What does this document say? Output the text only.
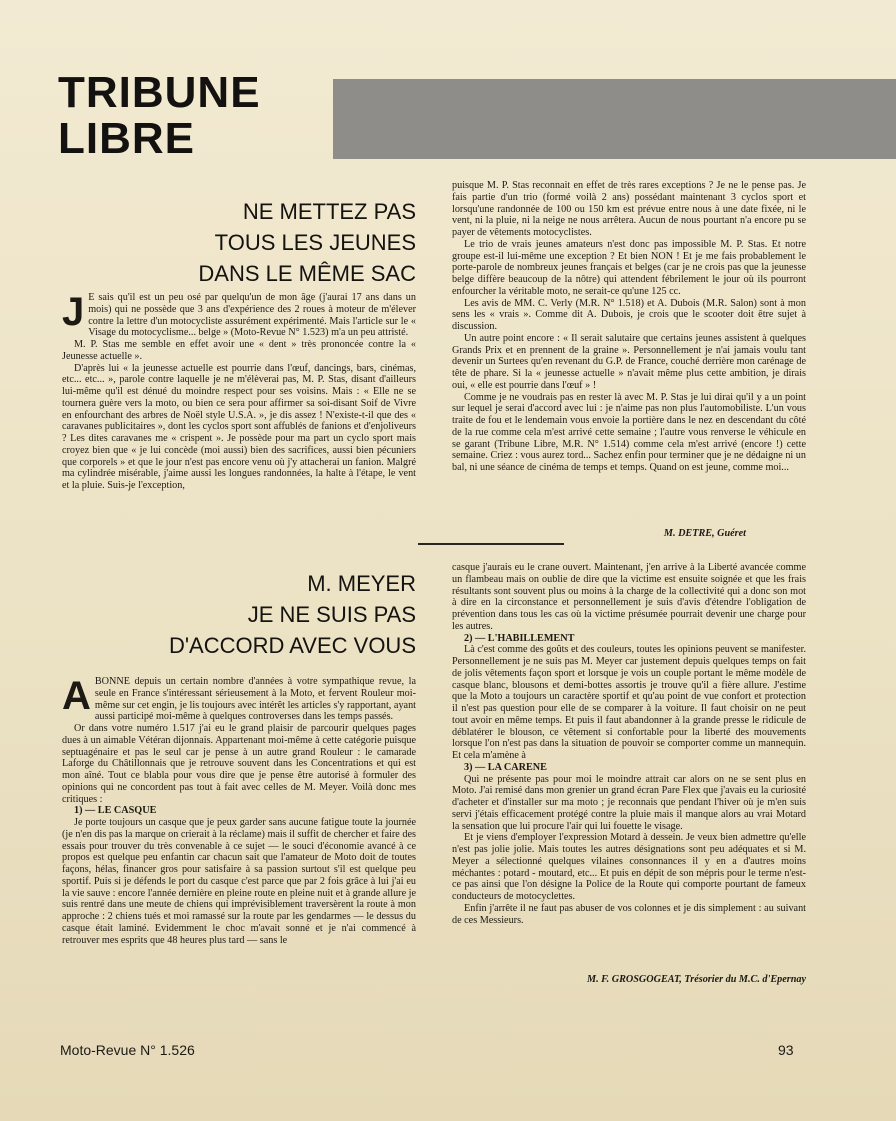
TRIBUNE
LIBRE
NE METTEZ PAS
TOUS LES JEUNES
DANS LE MÊME SAC

J E sais qu'il est un peu osé par quelqu'un de mon âge (j'aurai 17 ans dans un mois) qui ne possède que 3 ans d'expérience des 2 roues à moteur de m'élever contre la lettre d'un motocycliste assurément expérimenté. Mais l'article sur le « Visage du motocyclisme... belge » (Moto-Revue N° 1.523) m'a un peu attristé.

M. P. Stas me semble en effet avoir une « dent » très prononcée contre la « Jeunesse actuelle ».

D'après lui « la jeunesse actuelle est pourrie dans l'œuf, dancings, bars, cinémas, etc... etc... », parole contre laquelle je ne m'élèverai pas, M. P. Stas, disant d'ailleurs lui-même qu'il est dénué du moindre respect pour ses voisins. Mais : « Elle ne se tournera guère vers la moto, ou bien ce sera pour affirmer sa soi-disant Soif de Vivre en enfourchant des arbres de Noël style U.S.A. », je dis assez ! N'existe-t-il que des « caravanes publicitaires », dont les cyclos sport sont affublés de fanions et d'enjoliveurs ? Les dites caravanes me « crispent ». Je possède pour ma part un cyclo sport mais croyez bien que « je lui concède (moi aussi) bien des sacrifices, aussi bien pécuniers que corporels » et que le jour n'est pas encore venu où j'y attacherai un fanion. Malgré ma cylindrée misérable, j'aime aussi les longues randonnées, la halte à l'étape, le vent et la pluie. Suis-je l'exception,

puisque M. P. Stas reconnait en effet de très rares exceptions ? Je ne le pense pas. Je fais partie d'un trio (formé voilà 2 ans) possédant maintenant 3 cyclos sport et lorsqu'une randonnée de 100 ou 150 km est prévue entre nous à une date fixée, ni le vent, ni la pluie, ni la neige ne nous arrêtera. Aucun de nous pourtant n'a encore pu se payer de vêtements motocyclistes.

Le trio de vrais jeunes amateurs n'est donc pas impossible M. P. Stas. Et notre groupe est-il lui-même une exception ? Et bien NON ! Et je me fais probablement le porte-parole de nombreux jeunes français et belges (car je ne crois pas que la jeunesse belge diffère beaucoup de la nôtre) qui attendent fébrilement le jour où ils pourront enfourcher la véritable moto, ne serait-ce qu'une 125 cc.

Les avis de MM. C. Verly (M.R. N° 1.518) et A. Dubois (M.R. Salon) sont à mon sens les « vrais ». Comme dit A. Dubois, je crois que le scooter doit être sujet à discussion.

Un autre point encore : « Il serait salutaire que certains jeunes assistent à quelques Grands Prix et en prennent de la graine ». Personnellement je n'ai jamais voulu tant devenir un Surtees qu'en revenant du G.P. de France, couché derrière mon carénage de tête de phare. Si la « jeunesse actuelle » n'avait même plus cette ambition, je dirais oui, « elle est pourrie dans l'œuf » !

Comme je ne voudrais pas en rester là avec M. P. Stas je lui dirai qu'il y a un point sur lequel je serai d'accord avec lui : je n'aime pas non plus l'automobiliste. L'un vous traite de fou et le lendemain vous envoie la portière dans le nez en descendant du côté de la rue comme cela m'est arrivé cette semaine ; l'autre vous renverse le véhicule en se garant (Tribune Libre, M.R. N° 1.514) comme cela m'est arrivé (encore !) cette semaine. Criez : vous aurez tord... Sachez enfin pour terminer que je ne dédaigne ni un bal, ni une séance de cinéma de temps et temps. Quand on est jeune, comme moi...

M. DETRE, Guéret
M. MEYER
JE NE SUIS PAS
D'ACCORD AVEC VOUS

ABONNE depuis un certain nombre d'années à votre sympathique revue, la seule en France s'intéressant sérieusement à la Moto, et fervent Rouleur moi-même sur cet engin, je lis toujours avec intérêt les articles s'y rapportant, ayant aussi participé moi-même à quelques controverses dans les temps passés.

Or dans votre numéro 1.517 j'ai eu le grand plaisir de parcourir quelques pages dues à un aimable Vétéran dijonnais. Appartenant moi-même à cette catégorie puisque septuagénaire et pas le seul car je pense à un autre grand Rouleur : le camarade Laforge du Châtillonnais que je retrouve souvent dans les Concentrations et qui est mon aîné. Tout ce blabla pour vous dire que je pense être autorisé à formuler des opinions qui ne concordent pas tout à fait avec celles de M. Meyer. Voilà donc mes critiques :

1) — LE CASQUE

Je porte toujours un casque que je peux garder sans aucune fatigue toute la journée (je n'en dis pas la marque on crierait à la réclame) mais il suffit de chercher et faire des essais pour trouver du très convenable à ce sujet — le souci d'économie avancé à ce propos est quelque peu enfantin car chacun sait que l'amateur de Moto doit de toutes façons, hélas, financer gros pour satisfaire à sa passion surtout s'il est quelque peu sportif. Puis si je défends le port du casque c'est parce que par 2 fois grâce à lui j'ai eu la vie sauve : encore l'année dernière en pleine route en pleine nuit et à grande allure je suis rentré dans une meute de chiens qui imprévisiblement traversèrent la route à mon approche : 2 chiens tués et moi ramassé sur la route par les gendarmes — le dessus du casque était laminé. Evidemment le choc m'avait sonné et je n'ai commencé à retrouver mes esprits que 48 heures plus tard — sans le

casque j'aurais eu le crane ouvert. Maintenant, j'en arrive à la Liberté avancée comme un flambeau mais on oublie de dire que la victime est ensuite soignée et que les frais résultants sont souvent plus ou moins à la charge de la collectivité qui a donc son mot à dire en la circonstance et personnellement je suis d'avis d'étendre l'obligation de prévention dans tous les cas où la victime présumée pourrait devenir une charge pour les autres.

2) — L'HABILLEMENT

Là c'est comme des goûts et des couleurs, toutes les opinions peuvent se manifester. Personnellement je ne suis pas M. Meyer car justement depuis quelques temps on fait de jolis vêtements façon sport et lorsque je vois un couple portant le même modèle de casque blanc, blousons et demi-bottes assortis je trouve qu'il a fière allure. J'estime que la Moto a toujours un caractère sportif et qu'au point de vue confort et protection il n'est pas question pour elle de se comparer à la voiture. Il faut choisir on ne peut tout avoir en même temps. Et puis il faut abandonner à la grande presse le ridicule de déblatérer le blouson, ce vêtement si confortable pour la liberté des mouvements lorsque l'on n'est pas dans la situation de pouvoir se comporter comme un mannequin. Et cela m'amène à

3) — LA CARENE

Qui ne présente pas pour moi le moindre attrait car alors on ne se sent plus en Moto. J'ai remisé dans mon grenier un grand écran Pare Flex que j'avais eu la curiosité d'acheter et d'installer sur ma moto ; je reconnais que pendant l'hiver où je m'en suis servi j'étais efficacement protégé contre la pluie mais il manque alors au vrai Motard la sensation que lui procure l'air qui lui fouette le visage.

Et je viens d'employer l'expression Motard à dessein. Je veux bien admettre qu'elle n'est pas jolie jolie. Mais toutes les autres désignations sont peu adéquates et si M. Meyer a sélectionné quelques vilaines consonnances il y en a d'autres moins méchantes : potard - moutard, etc... Et puis en dépit de son mépris pour le terme n'est-ce pas ainsi que l'on désigne la Police de la Route qui comporte pourtant de fameux conducteurs de motocyclettes.

Enfin j'arrête il ne faut pas abuser de vos colonnes et je dis simplement : au suivant de ces Messieurs.

M. F. GROSGOGEAT, Trésorier du M.C. d'Epernay
Moto-Revue N° 1.526	93
